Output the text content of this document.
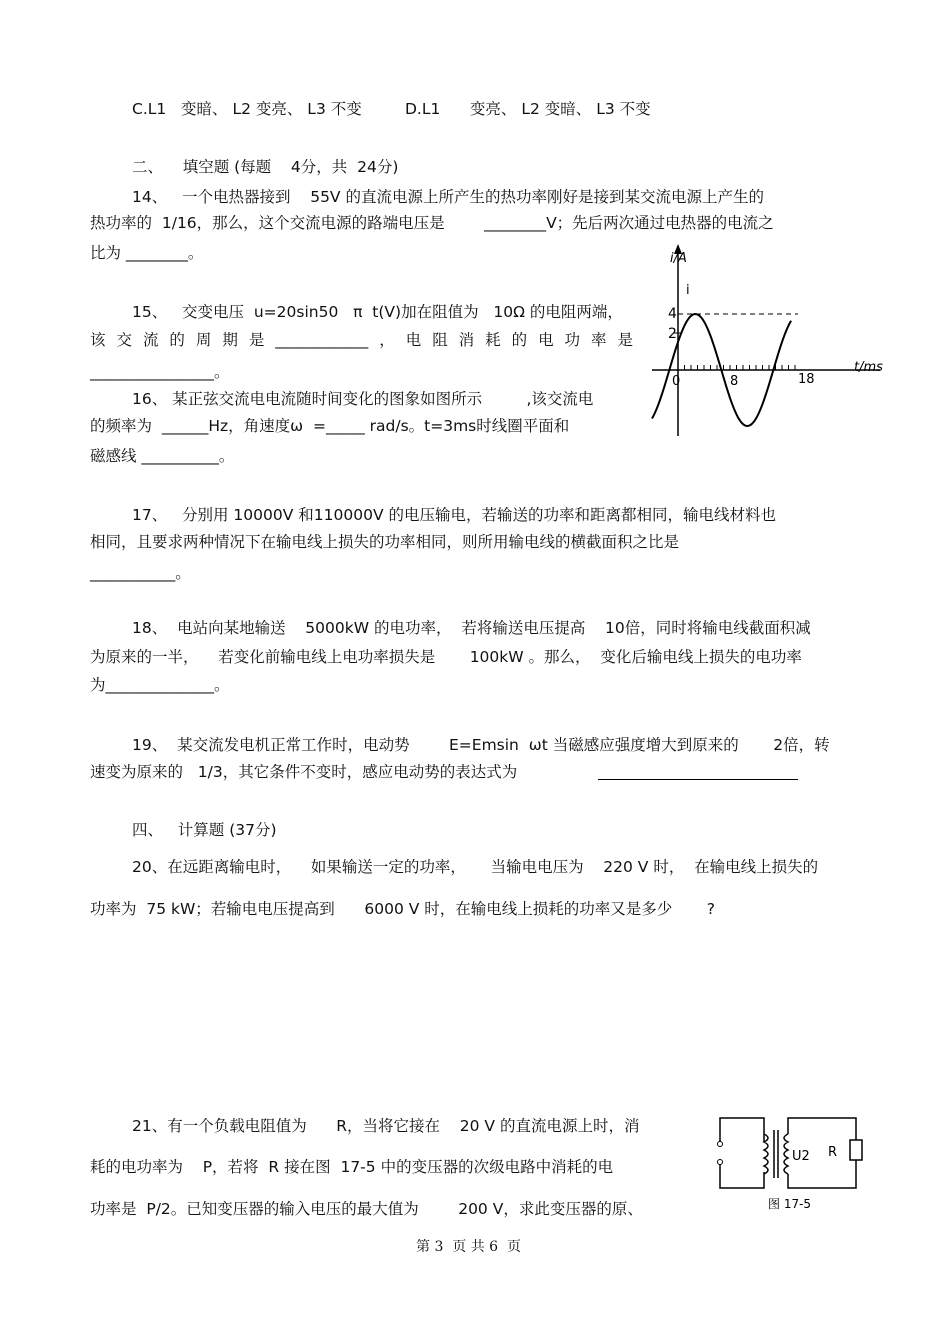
C.L1   变暗、 L2 变亮、 L3 不变	D.L1      变亮、 L2 变暗、 L3 不变
二、    填空题 (每题    4分，共  24分)
14、   一个电热器接到    55V 的直流电源上所产生的热功率刚好是接到某交流电源上产生的
热功率的  1/16，那么，这个交流电源的路端电压是        ________V；先后两次通过电热器的电流之
比为 ________。
15、   交变电压  u=20sin50   π  t(V)加在阻值为   10Ω 的电阻两端，
该交流的周期是____________，电阻消耗的电功率是
________________。
16、 某正弦交流电电流随时间变化的图象如图所示         ,该交流电
的频率为  ______Hz，角速度ω  =_____ rad/s。t=3ms时线圈平面和
磁感线 __________。
i/A
i
4
2
0	8	18
t/ms
17、   分别用 10000V 和110000V 的电压输电，若输送的功率和距离都相同，输电线材料也
相同，且要求两种情况下在输电线上损失的功率相同，则所用输电线的横截面积之比是
___________。
18、  电站向某地输送    5000kW 的电功率，  若将输送电压提高    10倍，同时将输电线截面积减
为原来的一半，    若变化前输电线上电功率损失是       100kW 。那么，  变化后输电线上损失的电功率
为______________。
19、  某交流发电机正常工作时，电动势        E=Emsin  ωt 当磁感应强度增大到原来的       2倍，转
速变为原来的   1/3，其它条件不变时，感应电动势的表达式为
四、   计算题 (37分)
20、在远距离输电时，    如果输送一定的功率，     当输电电压为    220 V 时，  在输电线上损失的
功率为  75 kW；若输电电压提高到      6000 V 时，在输电线上损耗的功率又是多少       ?
21、有一个负载电阻值为      R，当将它接在    20 V 的直流电源上时，消
耗的电功率为    P，若将  R 接在图  17-5 中的变压器的次级电路中消耗的电
功率是  P/2。已知变压器的输入电压的最大值为        200 V，求此变压器的原、
U2 R
图 17-5
第 3  页 共 6  页
